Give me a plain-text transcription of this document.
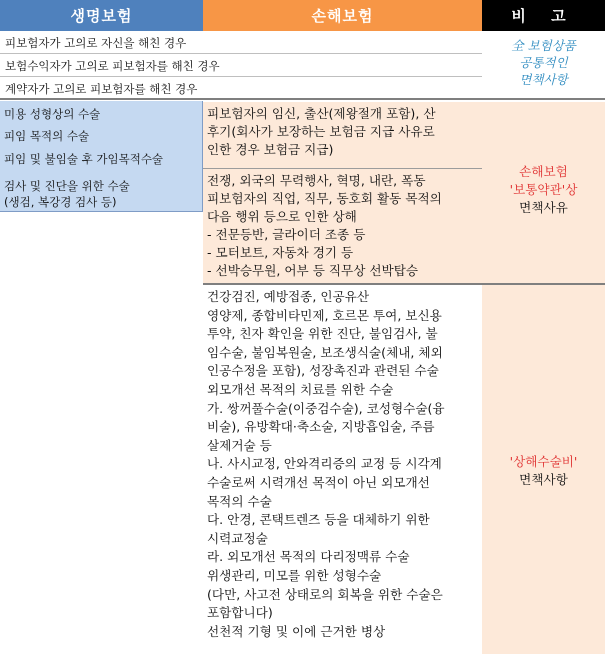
생명보험	손해보험	비 고
피보험자가 고의로 자신을 해친 경우
보험수익자가 고의로 피보험자를 해친 경우
계약자가 고의로 피보험자를 해친 경우
全 보험상품
공통적인
면책사항
미용 성형상의 수술
피임 목적의 수술
피임 및 불임술 후 가임목적수술
검사 및 진단을 위한 수술
(생검, 복강경 검사 등)
피보험자의 임신, 출산(제왕절개 포함), 산
후기(회사가 보장하는 보험금 지급 사유로
인한 경우 보험금 지급)
전쟁, 외국의 무력행사, 혁명, 내란, 폭동
피보험자의 직업, 직무, 동호회 활동 목적의
다음 행위 등으로 인한 상해
- 전문등반, 글라이더 조종 등
- 모터보트, 자동차 경기 등
- 선박승무원, 어부 등 직무상 선박탑승
손해보험
'보통약관'상
면책사유
건강검진, 예방접종, 인공유산
영양제, 종합비타민제, 호르몬 투여, 보신용
투약, 친자 확인을 위한 진단, 불임검사, 불
임수술, 불임복원술, 보조생식술(체내, 체외
인공수정을 포함), 성장촉진과 관련된 수술
외모개선 목적의 치료를 위한 수술
가. 쌍꺼풀수술(이중검수술), 코성형수술(융
비술), 유방확대·축소술, 지방흡입술, 주름
살제거술 등
나. 사시교정, 안와격리증의 교정 등 시각계
수술로써 시력개선 목적이 아닌 외모개선
목적의 수술
다. 안경, 콘택트렌즈 등을 대체하기 위한
시력교정술
라. 외모개선 목적의 다리정맥류 수술
위생관리, 미모를 위한 성형수술
(다만, 사고전 상태로의 회복을 위한 수술은
포함합니다)
선천적 기형 및 이에 근거한 병상
'상해수술비'
면책사항
